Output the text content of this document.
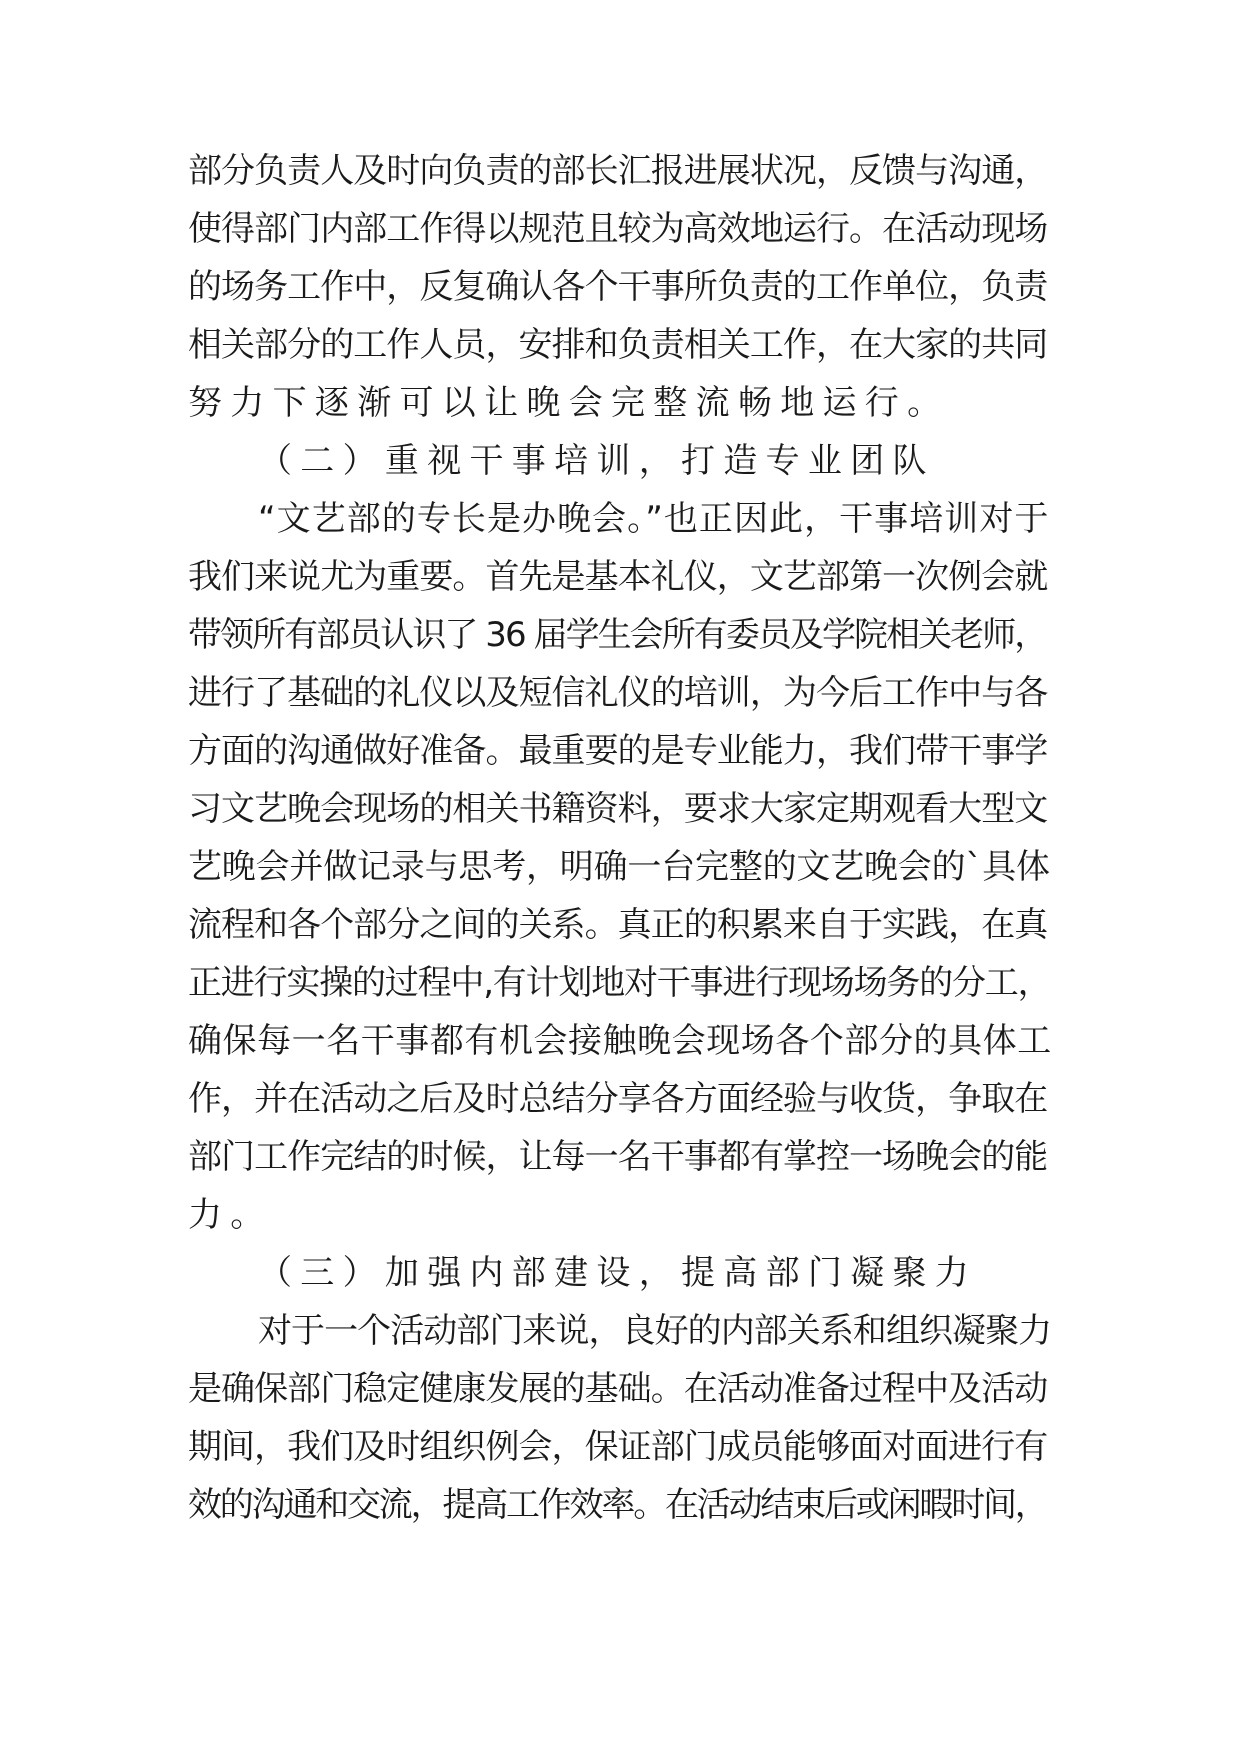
部分负责人及时向负责的部长汇报进展状况，反馈与沟通，
使得部门内部工作得以规范且较为高效地运行。在活动现场
的场务工作中，反复确认各个干事所负责的工作单位，负责
相关部分的工作人员，安排和负责相关工作，在大家的共同
努力下逐渐可以让晚会完整流畅地运行。
（二）重视干事培训，打造专业团队
“文艺部的专长是办晚会。”也正因此，干事培训对于
我们来说尤为重要。首先是基本礼仪，文艺部第一次例会就
带领所有部员认识了 36 届学生会所有委员及学院相关老师，
进行了基础的礼仪以及短信礼仪的培训，为今后工作中与各
方面的沟通做好准备。最重要的是专业能力，我们带干事学
习文艺晚会现场的相关书籍资料，要求大家定期观看大型文
艺晚会并做记录与思考，明确一台完整的文艺晚会的`具体
流程和各个部分之间的关系。真正的积累来自于实践，在真
正进行实操的过程中,有计划地对干事进行现场场务的分工，
确保每一名干事都有机会接触晚会现场各个部分的具体工
作，并在活动之后及时总结分享各方面经验与收货，争取在
部门工作完结的时候，让每一名干事都有掌控一场晚会的能
力。
（三）加强内部建设，提高部门凝聚力
对于一个活动部门来说，良好的内部关系和组织凝聚力
是确保部门稳定健康发展的基础。在活动准备过程中及活动
期间，我们及时组织例会，保证部门成员能够面对面进行有
效的沟通和交流，提高工作效率。在活动结束后或闲暇时间，
